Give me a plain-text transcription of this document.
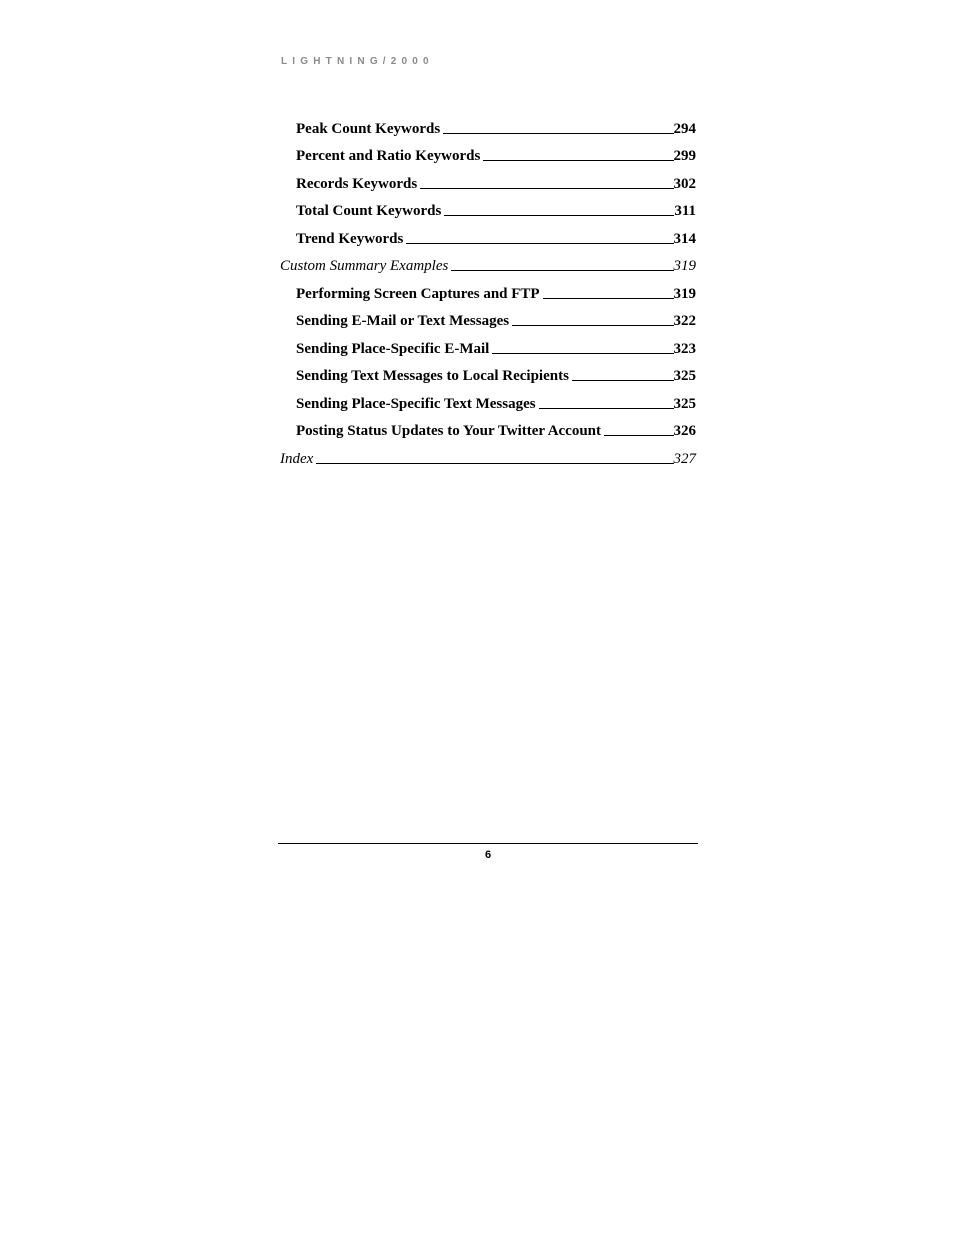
LIGHTNING/2000
Peak Count Keywords	294
Percent and Ratio Keywords	299
Records Keywords	302
Total Count Keywords	311
Trend Keywords	314
Custom Summary Examples	319
Performing Screen Captures and FTP	319
Sending E-Mail or Text Messages	322
Sending Place-Specific E-Mail	323
Sending Text Messages to Local Recipients	325
Sending Place-Specific Text Messages	325
Posting Status Updates to Your Twitter Account	326
Index	327
6
